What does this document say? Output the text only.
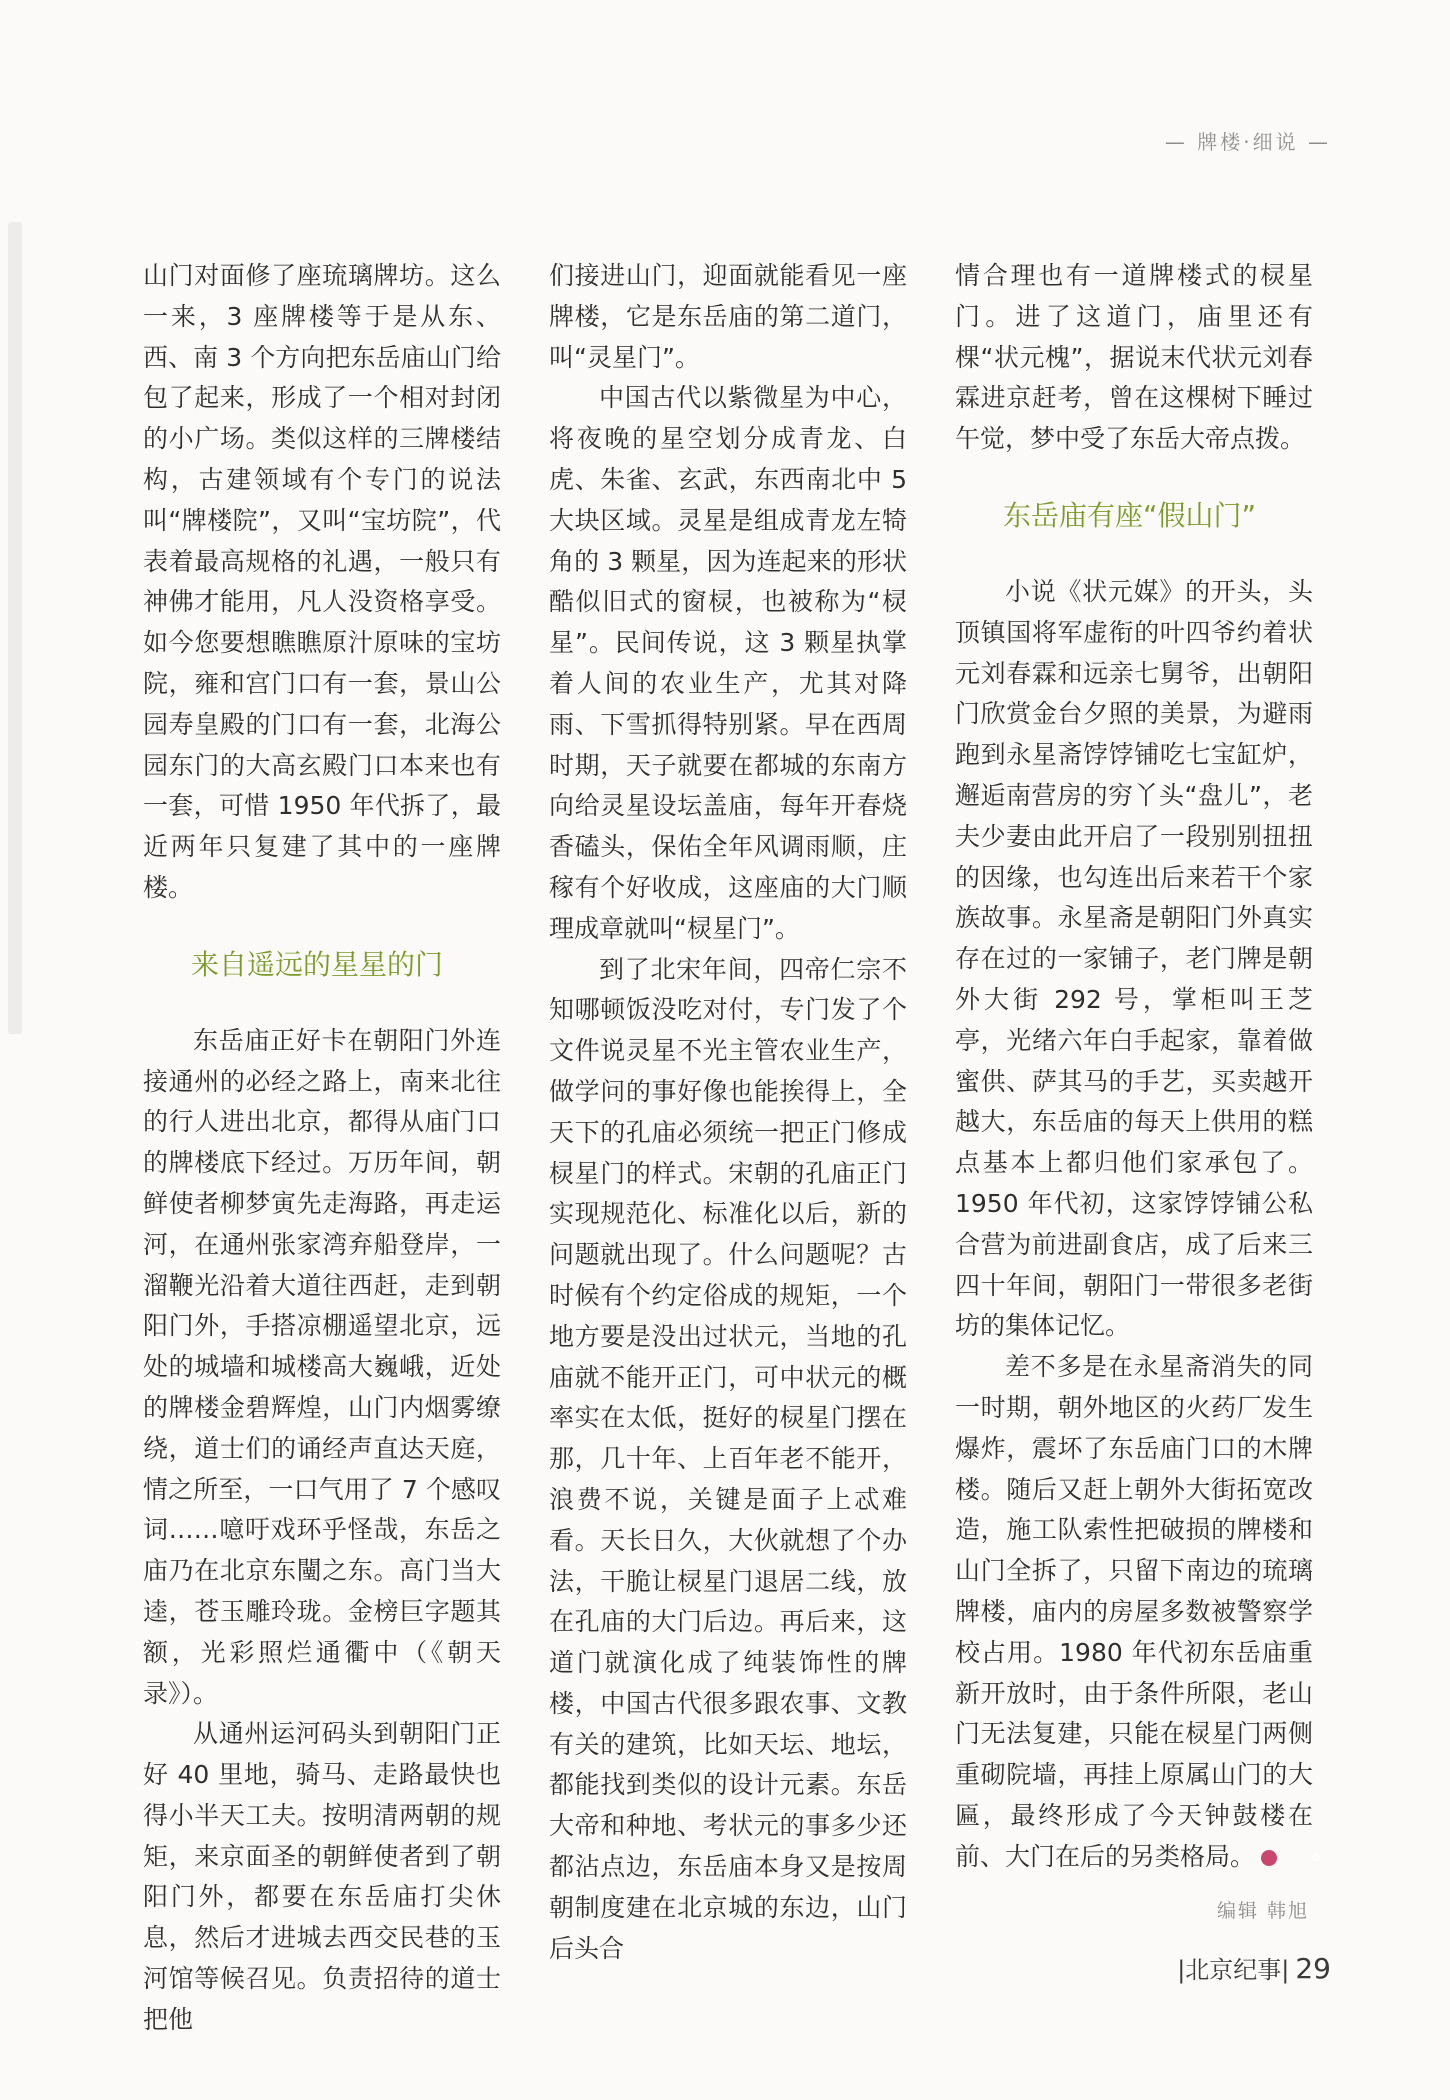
— 牌楼·细说 —

山门对面修了座琉璃牌坊。这么一来，3 座牌楼等于是从东、西、南 3 个方向把东岳庙山门给包了起来，形成了一个相对封闭的小广场。类似这样的三牌楼结构，古建领域有个专门的说法叫“牌楼院”，又叫“宝坊院”，代表着最高规格的礼遇，一般只有神佛才能用，凡人没资格享受。如今您要想瞧瞧原汁原味的宝坊院，雍和宫门口有一套，景山公园寿皇殿的门口有一套，北海公园东门的大高玄殿门口本来也有一套，可惜 1950 年代拆了，最近两年只复建了其中的一座牌楼。

来自遥远的星星的门

东岳庙正好卡在朝阳门外连接通州的必经之路上，南来北往的行人进出北京，都得从庙门口的牌楼底下经过。万历年间，朝鲜使者柳梦寅先走海路，再走运河，在通州张家湾弃船登岸，一溜鞭光沿着大道往西赶，走到朝阳门外，手搭凉棚遥望北京，远处的城墙和城楼高大巍峨，近处的牌楼金碧辉煌，山门内烟雾缭绕，道士们的诵经声直达天庭，情之所至，一口气用了 7 个感叹词……噫吁戏环乎怪哉，东岳之庙乃在北京东闉之东。高门当大逵，苍玉雕玲珑。金榜巨字题其额，光彩照烂通衢中（《朝天录》）。

从通州运河码头到朝阳门正好 40 里地，骑马、走路最快也得小半天工夫。按明清两朝的规矩，来京面圣的朝鲜使者到了朝阳门外，都要在东岳庙打尖休息，然后才进城去西交民巷的玉河馆等候召见。负责招待的道士把他

们接进山门，迎面就能看见一座牌楼，它是东岳庙的第二道门，叫“灵星门”。

中国古代以紫微星为中心，将夜晚的星空划分成青龙、白虎、朱雀、玄武，东西南北中 5 大块区域。灵星是组成青龙左犄角的 3 颗星，因为连起来的形状酷似旧式的窗棂，也被称为“棂星”。民间传说，这 3 颗星执掌着人间的农业生产，尤其对降雨、下雪抓得特别紧。早在西周时期，天子就要在都城的东南方向给灵星设坛盖庙，每年开春烧香磕头，保佑全年风调雨顺，庄稼有个好收成，这座庙的大门顺理成章就叫“棂星门”。

到了北宋年间，四帝仁宗不知哪顿饭没吃对付，专门发了个文件说灵星不光主管农业生产，做学问的事好像也能挨得上，全天下的孔庙必须统一把正门修成棂星门的样式。宋朝的孔庙正门实现规范化、标准化以后，新的问题就出现了。什么问题呢？古时候有个约定俗成的规矩，一个地方要是没出过状元，当地的孔庙就不能开正门，可中状元的概率实在太低，挺好的棂星门摆在那，几十年、上百年老不能开，浪费不说，关键是面子上忒难看。天长日久，大伙就想了个办法，干脆让棂星门退居二线，放在孔庙的大门后边。再后来，这道门就演化成了纯装饰性的牌楼，中国古代很多跟农事、文教有关的建筑，比如天坛、地坛，都能找到类似的设计元素。东岳大帝和种地、考状元的事多少还都沾点边，东岳庙本身又是按周朝制度建在北京城的东边，山门后头合

情合理也有一道牌楼式的棂星门。进了这道门，庙里还有棵“状元槐”，据说末代状元刘春霖进京赶考，曾在这棵树下睡过午觉，梦中受了东岳大帝点拨。

东岳庙有座“假山门”

小说《状元媒》的开头，头顶镇国将军虚衔的叶四爷约着状元刘春霖和远亲七舅爷，出朝阳门欣赏金台夕照的美景，为避雨跑到永星斋饽饽铺吃七宝缸炉，邂逅南营房的穷丫头“盘儿”，老夫少妻由此开启了一段别别扭扭的因缘，也勾连出后来若干个家族故事。永星斋是朝阳门外真实存在过的一家铺子，老门牌是朝外大街 292 号，掌柜叫王芝亭，光绪六年白手起家，靠着做蜜供、萨其马的手艺，买卖越开越大，东岳庙的每天上供用的糕点基本上都归他们家承包了。1950 年代初，这家饽饽铺公私合营为前进副食店，成了后来三四十年间，朝阳门一带很多老街坊的集体记忆。

差不多是在永星斋消失的同一时期，朝外地区的火药厂发生爆炸，震坏了东岳庙门口的木牌楼。随后又赶上朝外大街拓宽改造，施工队索性把破损的牌楼和山门全拆了，只留下南边的琉璃牌楼，庙内的房屋多数被警察学校占用。1980 年代初东岳庙重新开放时，由于条件所限，老山门无法复建，只能在棂星门两侧重砌院墙，再挂上原属山门的大匾，最终形成了今天钟鼓楼在前、大门在后的另类格局。	✿

编辑 韩旭
|北京纪事| 29
